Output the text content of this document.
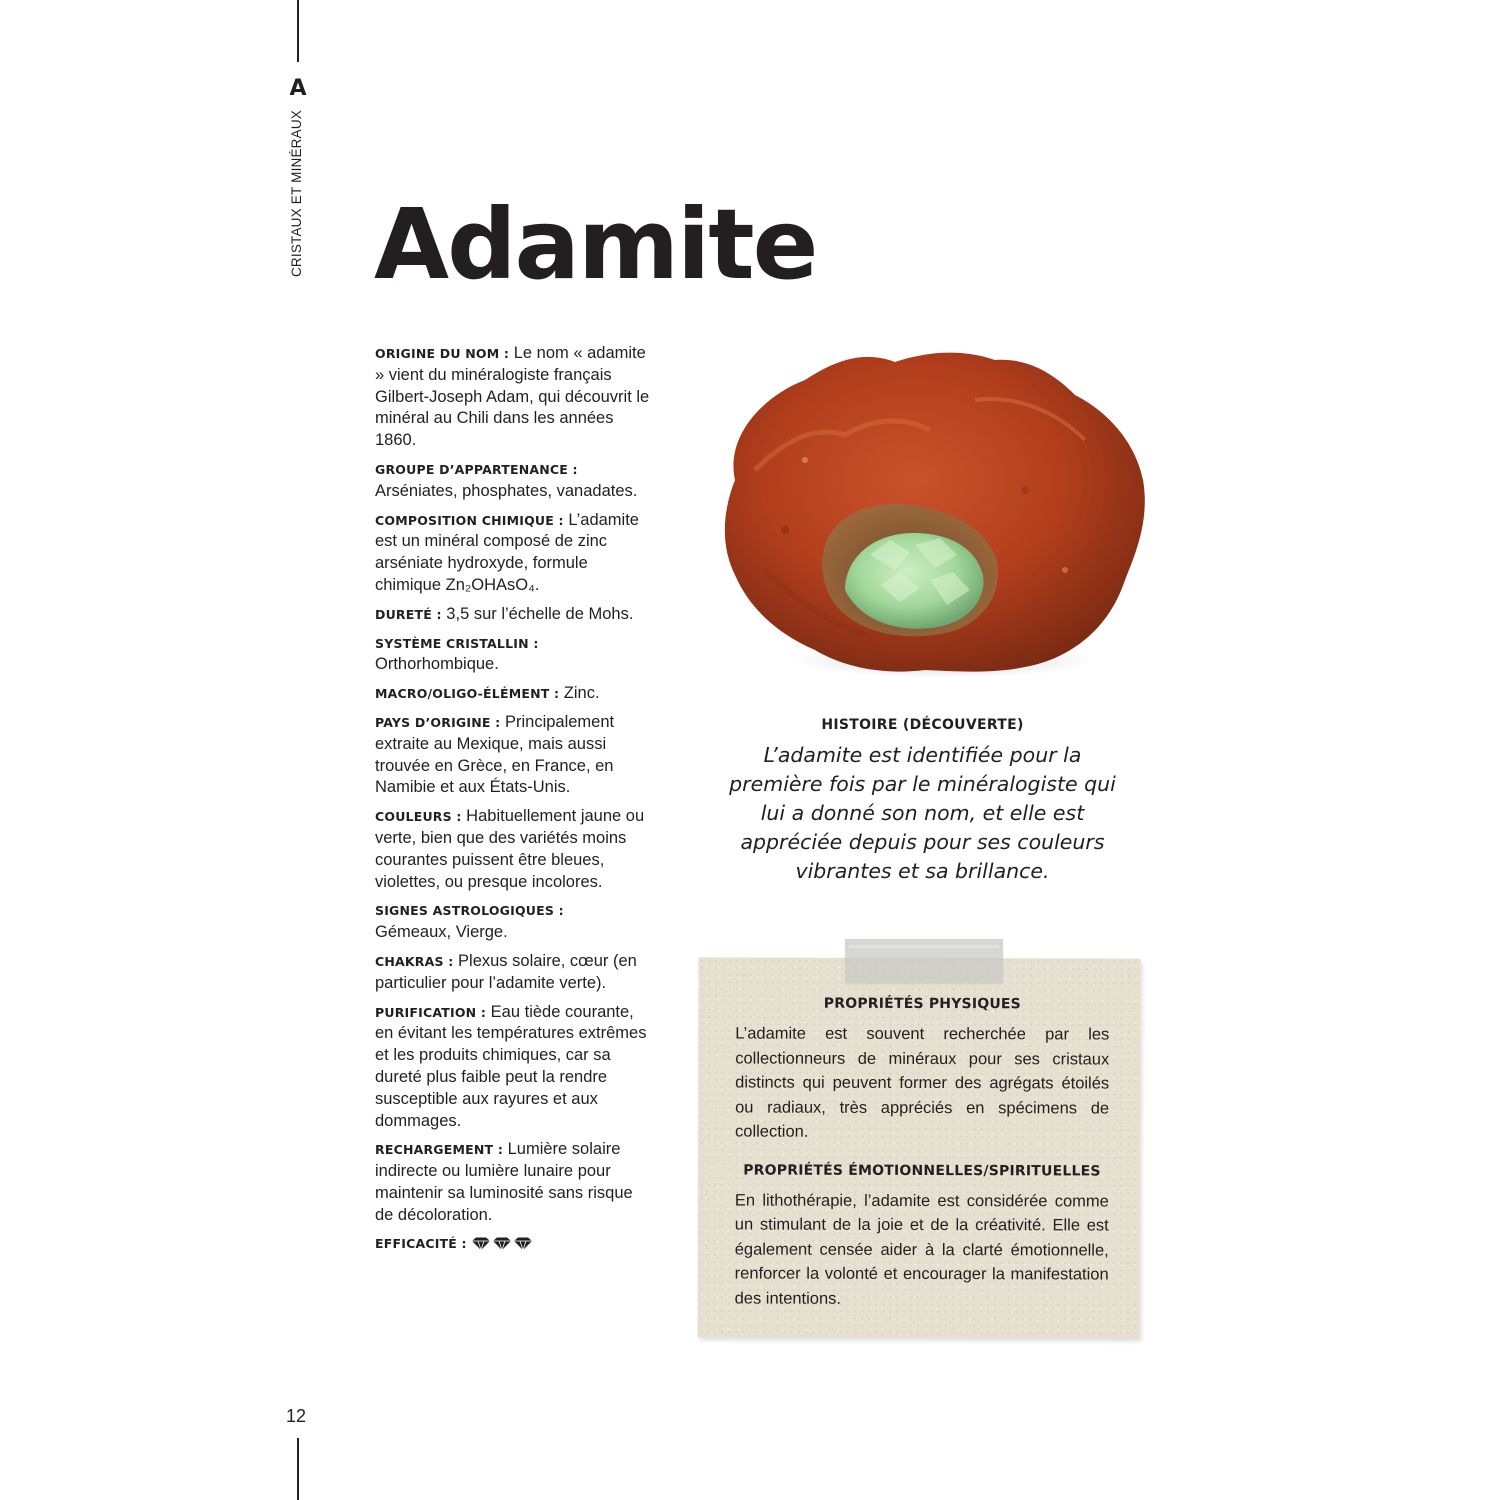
A
CRISTAUX ET MINÉRAUX
12
Adamite
ORIGINE DU NOM : Le nom « adamite » vient du minéralogiste français Gilbert-Joseph Adam, qui découvrit le minéral au Chili dans les années 1860.
GROUPE D’APPARTENANCE :
Arséniates, phosphates, vanadates.
COMPOSITION CHIMIQUE : L’adamite est un minéral composé de zinc arséniate hydroxyde, formule chimique Zn₂OHAsO₄.
DURETÉ : 3,5 sur l’échelle de Mohs.
SYSTÈME CRISTALLIN :
Orthorhombique.
MACRO/OLIGO-ÉLÉMENT : Zinc.
PAYS D’ORIGINE : Principalement extraite au Mexique, mais aussi trouvée en Grèce, en France, en Namibie et aux États-Unis.
COULEURS : Habituellement jaune ou verte, bien que des variétés moins courantes puissent être bleues, violettes, ou presque incolores.
SIGNES ASTROLOGIQUES :
Gémeaux, Vierge.
CHAKRAS : Plexus solaire, cœur (en particulier pour l’adamite verte).
PURIFICATION : Eau tiède courante, en évitant les températures extrêmes et les produits chimiques, car sa dureté plus faible peut la rendre susceptible aux rayures et aux dommages.
RECHARGEMENT : Lumière solaire indirecte ou lumière lunaire pour maintenir sa luminosité sans risque de décoloration.
EFFICACITÉ :
HISTOIRE (DÉCOUVERTE)

L’adamite est identifiée pour la première fois par le minéralogiste qui lui a donné son nom, et elle est appréciée depuis pour ses couleurs vibrantes et sa brillance.

PROPRIÉTÉS PHYSIQUES

L’adamite est souvent recherchée par les collectionneurs de minéraux pour ses cristaux distincts qui peuvent former des agrégats étoilés ou radiaux, très appréciés en spécimens de collection.

PROPRIÉTÉS ÉMOTIONNELLES/SPIRITUELLES

En lithothérapie, l’adamite est considérée comme un stimulant de la joie et de la créativité. Elle est également censée aider à la clarté émotionnelle, renforcer la volonté et encourager la manifestation des intentions.
